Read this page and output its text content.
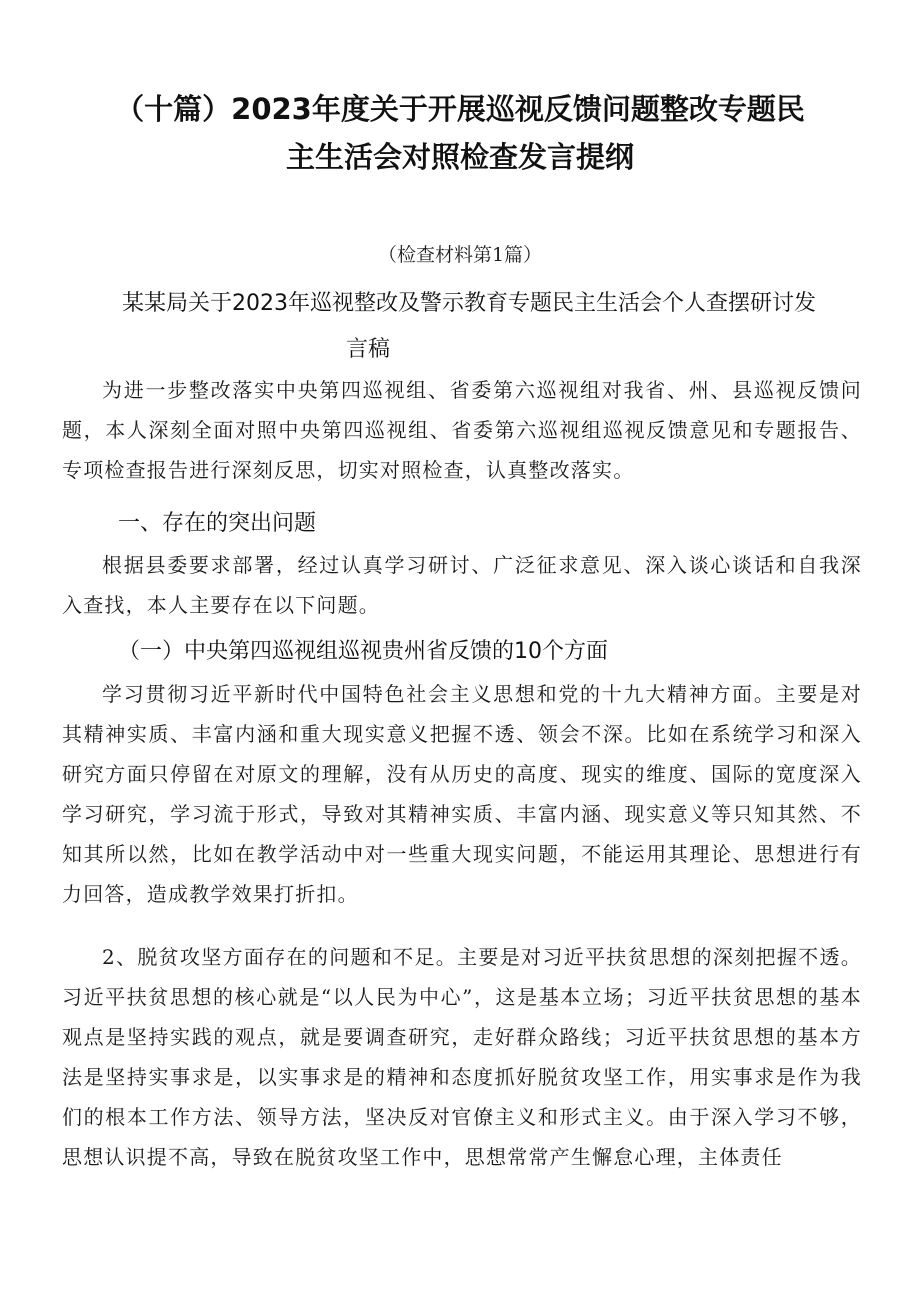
（十篇）2023年度关于开展巡视反馈问题整改专题民
主生活会对照检查发言提纲
（检查材料第1篇）
某某局关于2023年巡视整改及警示教育专题民主生活会个人查摆研讨发
言稿

为进一步整改落实中央第四巡视组、省委第六巡视组对我省、州、县巡视反馈问题，本人深刻全面对照中央第四巡视组、省委第六巡视组巡视反馈意见和专题报告、专项检查报告进行深刻反思，切实对照检查，认真整改落实。

一、存在的突出问题

根据县委要求部署，经过认真学习研讨、广泛征求意见、深入谈心谈话和自我深入查找，本人主要存在以下问题。

（一）中央第四巡视组巡视贵州省反馈的10个方面

学习贯彻习近平新时代中国特色社会主义思想和党的十九大精神方面。主要是对其精神实质、丰富内涵和重大现实意义把握不透、领会不深。比如在系统学习和深入研究方面只停留在对原文的理解，没有从历史的高度、现实的维度、国际的宽度深入学习研究，学习流于形式，导致对其精神实质、丰富内涵、现实意义等只知其然、不知其所以然，比如在教学活动中对一些重大现实问题，不能运用其理论、思想进行有力回答，造成教学效果打折扣。

2、脱贫攻坚方面存在的问题和不足。主要是对习近平扶贫思想的深刻把握不透。习近平扶贫思想的核心就是“以人民为中心”，这是基本立场；习近平扶贫思想的基本观点是坚持实践的观点，就是要调查研究，走好群众路线；习近平扶贫思想的基本方法是坚持实事求是，以实事求是的精神和态度抓好脱贫攻坚工作，用实事求是作为我们的根本工作方法、领导方法，坚决反对官僚主义和形式主义。由于深入学习不够，思想认识提不高，导致在脱贫攻坚工作中，思想常常产生懈怠心理，主体责任
